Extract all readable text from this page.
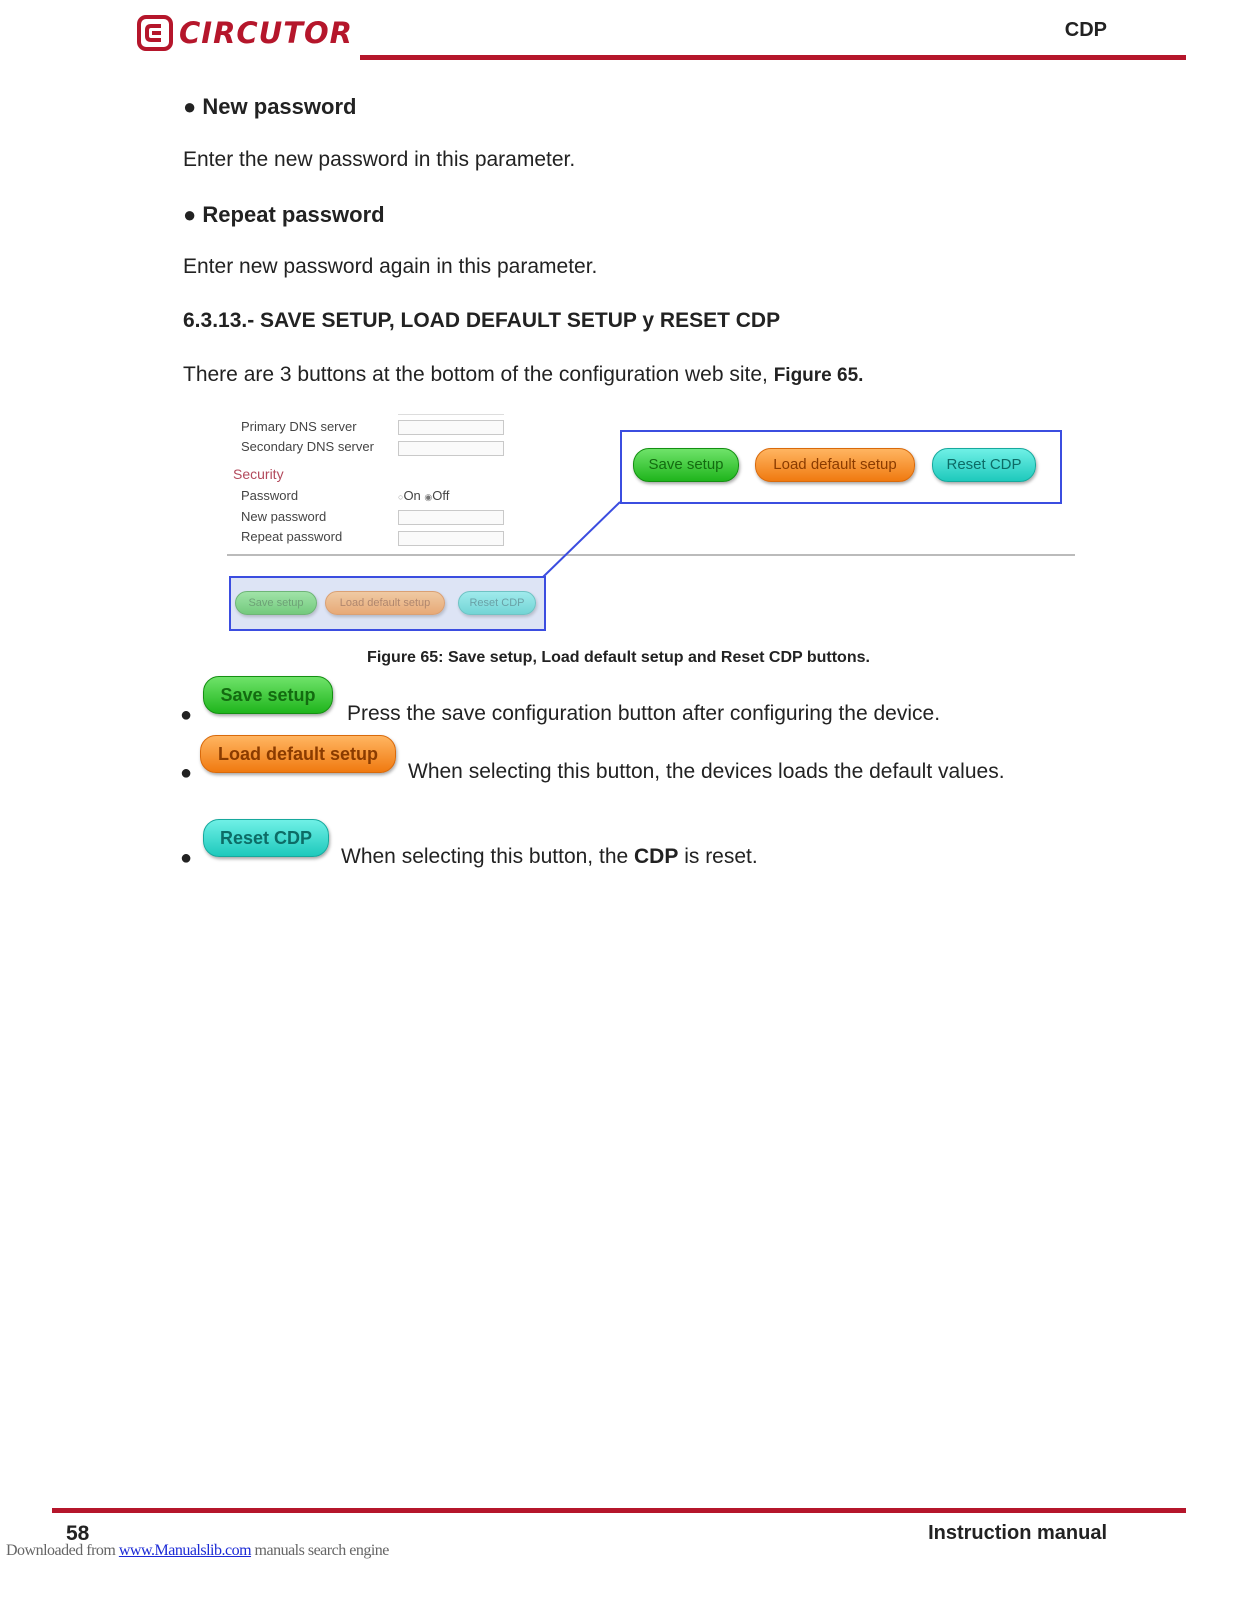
CIRCUTOR	CDP
● New password
Enter the new password in this parameter.
● Repeat password
Enter new password again in this parameter.
6.3.13.- SAVE SETUP, LOAD DEFAULT SETUP y RESET CDP
There are 3 buttons at the bottom of the configuration web site, Figure 65.
Primary DNS server
Secondary DNS server
Security
Password	○On ◉Off
New password
Repeat password
Save setup	Load default setup	Reset CDP
Save setup	Load default setup	Reset CDP
Figure 65: Save setup, Load default setup and Reset CDP buttons.
●
Save setup
Press the save configuration button after configuring the device.
●
Load default setup
When selecting this button, the devices loads the default values.
●
Reset CDP
When selecting this button, the CDP is reset.
58	Instruction manual
Downloaded from www.Manualslib.com manuals search engine
